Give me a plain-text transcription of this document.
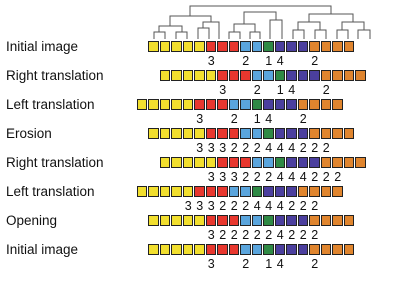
Initial image
3 2 1 4 2
Right translation
3 2 1 4 2
Left translation
3 2 1 4 2
Erosion
3 3 3 2 2 2 4 4 4 2 2 2
Right translation
3 3 3 2 2 2 4 4 4 2 2 2
Left translation
3 3 3 2 2 2 4 4 4 2 2 2
Opening
3 2 2 2 2 2 4 2 2 2
Initial image
3 2 1 4 2
